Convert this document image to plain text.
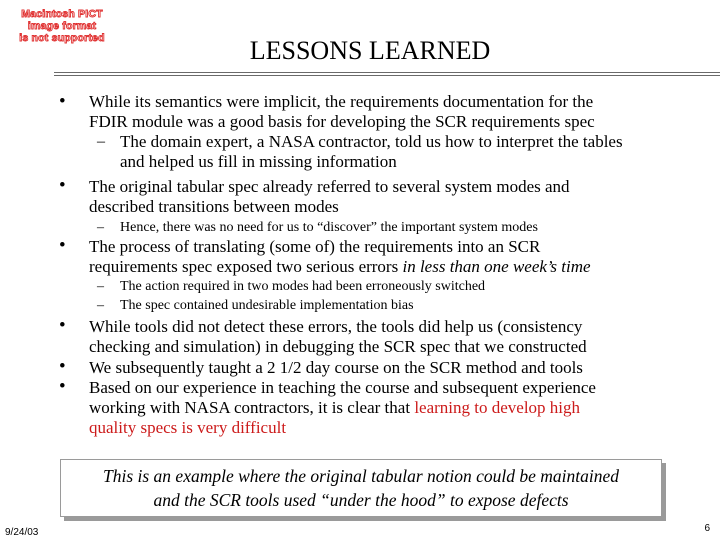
Macintosh PICT
image format
is not supported	LESSONS LEARNED
• While its semantics were implicit, the requirements documentation for the
FDIR module was a good basis for developing the SCR requirements spec
– The domain expert, a NASA contractor, told us how to interpret the tables
and helped us fill in missing information
• The original tabular spec already referred to several system modes and
described transitions between modes
– Hence, there was no need for us to “discover” the important system modes
• The process of translating (some of) the requirements into an SCR
requirements spec exposed two serious errors in less than one week’s time
– The action required in two modes had been erroneously switched
– The spec contained undesirable implementation bias
• While tools did not detect these errors, the tools did help us (consistency
checking and simulation) in debugging the SCR spec that we constructed
• We subsequently taught a 2 1/2 day course on the SCR method and tools
• Based on our experience in teaching the course and subsequent experience
working with NASA contractors, it is clear that learning to develop high
quality specs is very difficult
This is an example where the original tabular notion could be maintained
and the SCR tools used “under the hood” to expose defects
9/24/03	6
